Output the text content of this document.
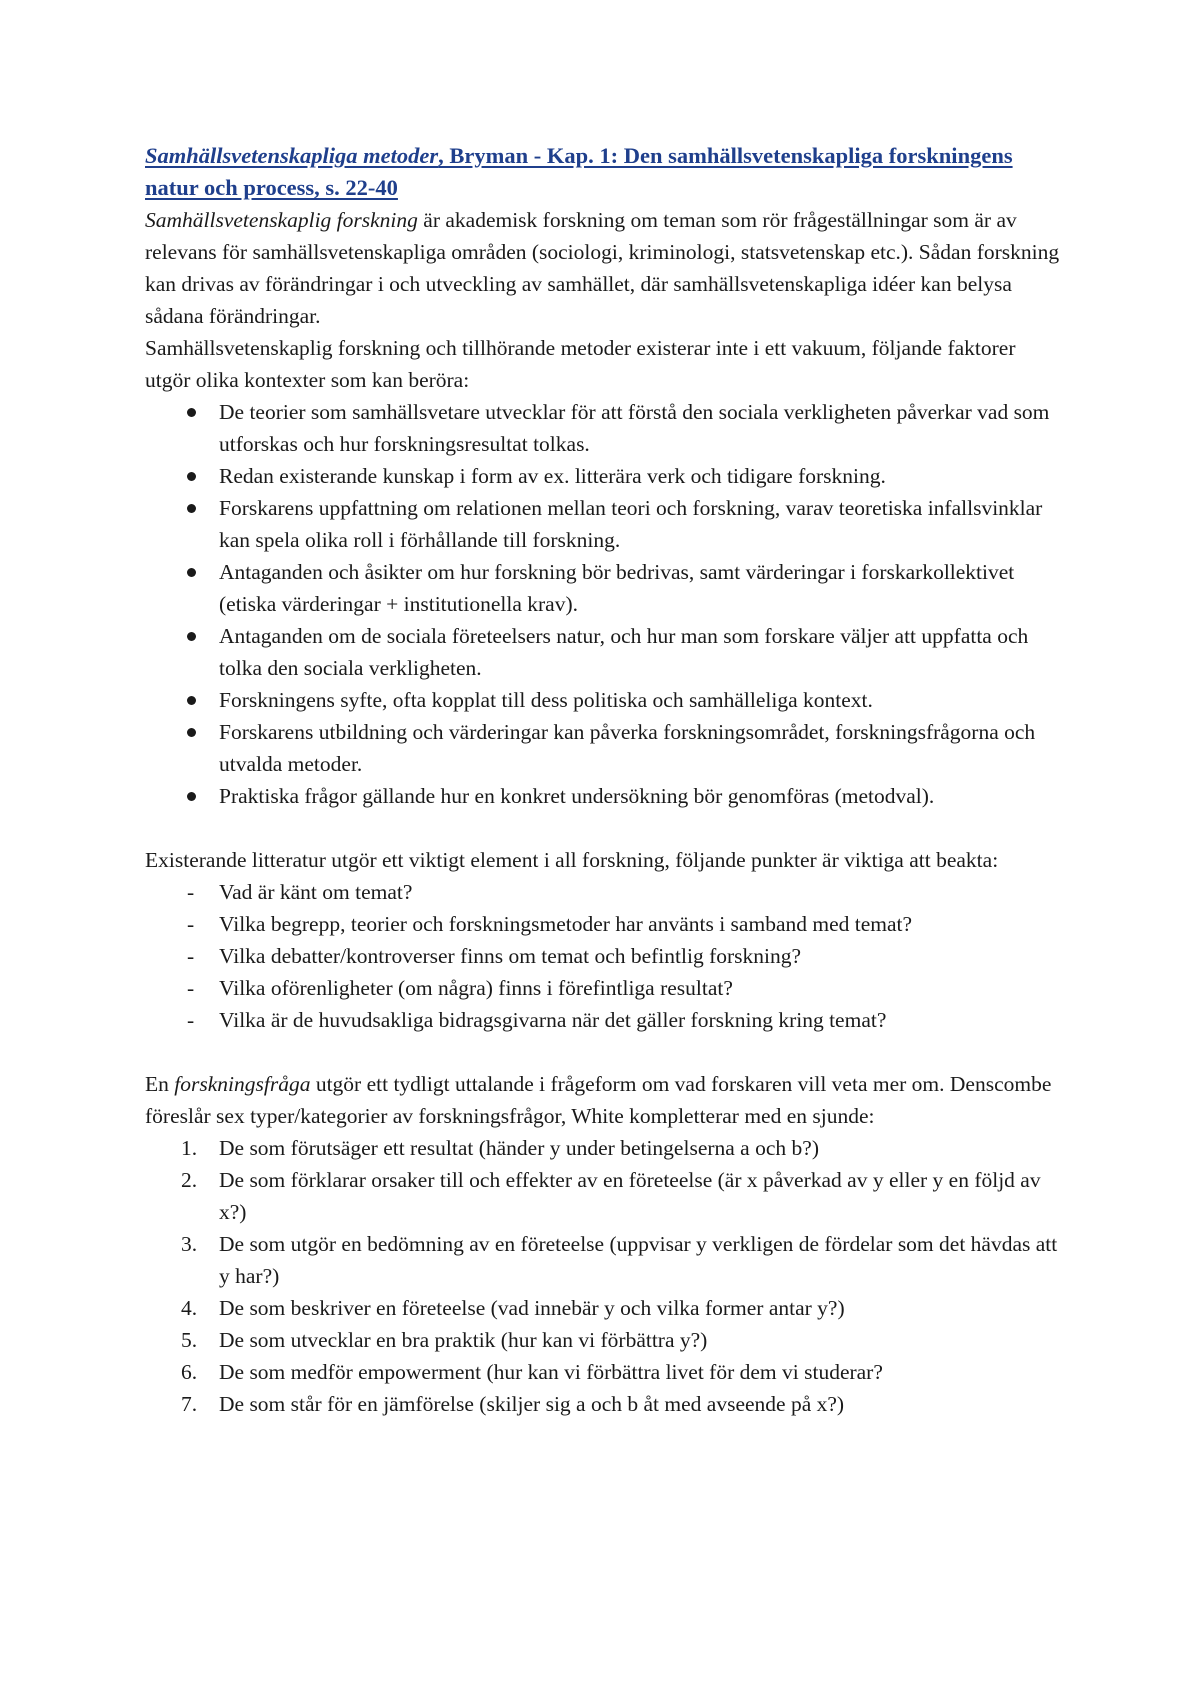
Samhällsvetenskapliga metoder, Bryman - Kap. 1: Den samhällsvetenskapliga forskningens natur och process, s. 22-40

Samhällsvetenskaplig forskning är akademisk forskning om teman som rör frågeställningar som är av relevans för samhällsvetenskapliga områden (sociologi, kriminologi, statsvetenskap etc.). Sådan forskning kan drivas av förändringar i och utveckling av samhället, där samhällsvetenskapliga idéer kan belysa sådana förändringar.

Samhällsvetenskaplig forskning och tillhörande metoder existerar inte i ett vakuum, följande faktorer utgör olika kontexter som kan beröra:

De teorier som samhällsvetare utvecklar för att förstå den sociala verkligheten påverkar vad som utforskas och hur forskningsresultat tolkas.
Redan existerande kunskap i form av ex. litterära verk och tidigare forskning.
Forskarens uppfattning om relationen mellan teori och forskning, varav teoretiska infallsvinklar kan spela olika roll i förhållande till forskning.
Antaganden och åsikter om hur forskning bör bedrivas, samt värderingar i forskarkollektivet (etiska värderingar + institutionella krav).
Antaganden om de sociala företeelsers natur, och hur man som forskare väljer att uppfatta och tolka den sociala verkligheten.
Forskningens syfte, ofta kopplat till dess politiska och samhälleliga kontext.
Forskarens utbildning och värderingar kan påverka forskningsområdet, forskningsfrågorna och utvalda metoder.
Praktiska frågor gällande hur en konkret undersökning bör genomföras (metodval).

Existerande litteratur utgör ett viktigt element i all forskning, följande punkter är viktiga att beakta:

-	Vad är känt om temat?
-	Vilka begrepp, teorier och forskningsmetoder har använts i samband med temat?
-	Vilka debatter/kontroverser finns om temat och befintlig forskning?
-	Vilka oförenligheter (om några) finns i förefintliga resultat?
-	Vilka är de huvudsakliga bidragsgivarna när det gäller forskning kring temat?

En forskningsfråga utgör ett tydligt uttalande i frågeform om vad forskaren vill veta mer om. Denscombe föreslår sex typer/kategorier av forskningsfrågor, White kompletterar med en sjunde:

1.	De som förutsäger ett resultat (händer y under betingelserna a och b?)
2.	De som förklarar orsaker till och effekter av en företeelse (är x påverkad av y eller y en följd av x?)
3.	De som utgör en bedömning av en företeelse (uppvisar y verkligen de fördelar som det hävdas att y har?)
4.	De som beskriver en företeelse (vad innebär y och vilka former antar y?)
5.	De som utvecklar en bra praktik (hur kan vi förbättra y?)
6.	De som medför empowerment (hur kan vi förbättra livet för dem vi studerar?
7.	De som står för en jämförelse (skiljer sig a och b åt med avseende på x?)
